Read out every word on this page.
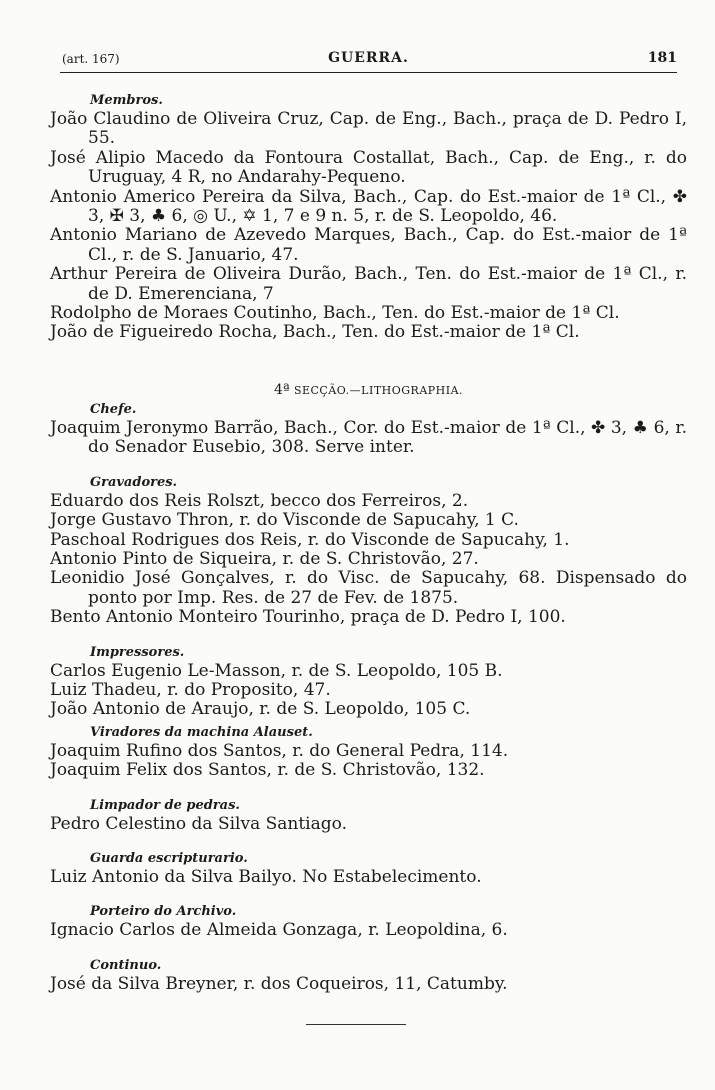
(art. 167)	GUERRA.	181
Membros.
João Claudino de Oliveira Cruz, Cap. de Eng., Bach., praça de D. Pedro I, 55.
José Alipio Macedo da Fontoura Costallat, Bach., Cap. de Eng., r. do Uruguay, 4 R, no Andarahy-Pequeno.
Antonio Americo Pereira da Silva, Bach., Cap. do Est.-maior de 1ª Cl., ✤ 3, ✠ 3, ♣ 6, ◎ U., ✡ 1, 7 e 9 n. 5, r. de S. Leopoldo, 46.
Antonio Mariano de Azevedo Marques, Bach., Cap. do Est.-maior de 1ª Cl., r. de S. Januario, 47.
Arthur Pereira de Oliveira Durão, Bach., Ten. do Est.-maior de 1ª Cl., r. de D. Emerenciana, 7
Rodolpho de Moraes Coutinho, Bach., Ten. do Est.-maior de 1ª Cl.
João de Figueiredo Rocha, Bach., Ten. do Est.-maior de 1ª Cl.
4ª SECÇÃO.—LITHOGRAPHIA.
Chefe.
Joaquim Jeronymo Barrão, Bach., Cor. do Est.-maior de 1ª Cl., ✤ 3, ♣ 6, r. do Senador Eusebio, 308. Serve inter.
Gravadores.
Eduardo dos Reis Rolszt, becco dos Ferreiros, 2.
Jorge Gustavo Thron, r. do Visconde de Sapucahy, 1 C.
Paschoal Rodrigues dos Reis, r. do Visconde de Sapucahy, 1.
Antonio Pinto de Siqueira, r. de S. Christovão, 27.
Leonidio José Gonçalves, r. do Visc. de Sapucahy, 68. Dispensado do ponto por Imp. Res. de 27 de Fev. de 1875.
Bento Antonio Monteiro Tourinho, praça de D. Pedro I, 100.
Impressores.
Carlos Eugenio Le-Masson, r. de S. Leopoldo, 105 B.
Luiz Thadeu, r. do Proposito, 47.
João Antonio de Araujo, r. de S. Leopoldo, 105 C.
Viradores da machina Alauset.
Joaquim Rufino dos Santos, r. do General Pedra, 114.
Joaquim Felix dos Santos, r. de S. Christovão, 132.
Limpador de pedras.
Pedro Celestino da Silva Santiago.
Guarda escripturario.
Luiz Antonio da Silva Bailyo. No Estabelecimento.
Porteiro do Archivo.
Ignacio Carlos de Almeida Gonzaga, r. Leopoldina, 6.
Continuo.
José da Silva Breyner, r. dos Coqueiros, 11, Catumby.
